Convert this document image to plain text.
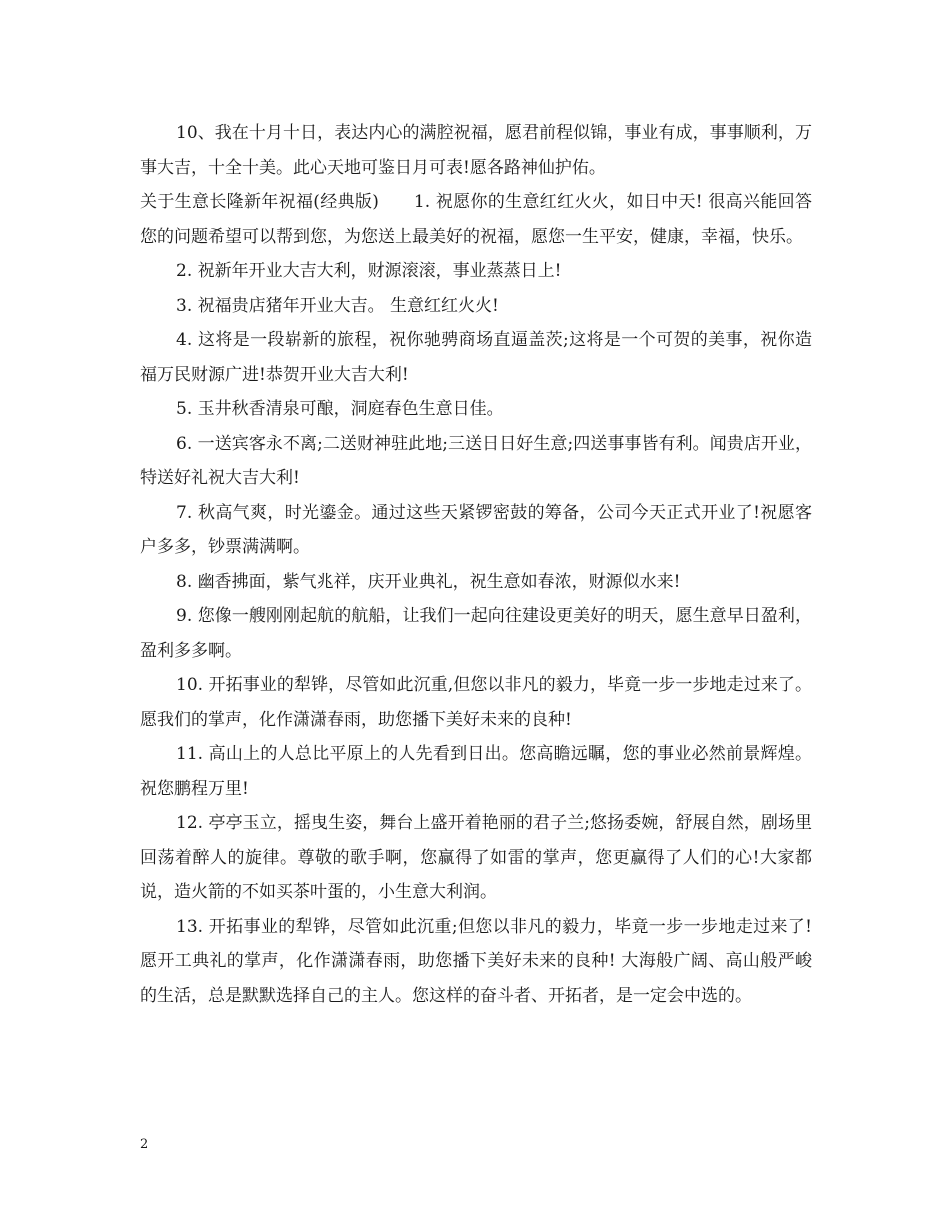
10、我在十月十日，表达内心的满腔祝福，愿君前程似锦，事业有成，事事顺利，万事大吉，十全十美。此心天地可鉴日月可表!愿各路神仙护佑。

关于生意长隆新年祝福(经典版)　　1. 祝愿你的生意红红火火，如日中天! 很高兴能回答您的问题希望可以帮到您，为您送上最美好的祝福，愿您一生平安，健康，幸福，快乐。

2. 祝新年开业大吉大利，财源滚滚，事业蒸蒸日上!

3. 祝福贵店猪年开业大吉。 生意红红火火!

4. 这将是一段崭新的旅程，祝你驰骋商场直逼盖茨;这将是一个可贺的美事，祝你造福万民财源广进!恭贺开业大吉大利!

5. 玉井秋香清泉可酿，洞庭春色生意日佳。

6. 一送宾客永不离;二送财神驻此地;三送日日好生意;四送事事皆有利。闻贵店开业，特送好礼祝大吉大利!

7. 秋高气爽，时光鎏金。通过这些天紧锣密鼓的筹备，公司今天正式开业了!祝愿客户多多，钞票满满啊。

8. 幽香拂面，紫气兆祥，庆开业典礼，祝生意如春浓，财源似水来!

9. 您像一艘刚刚起航的航船，让我们一起向往建设更美好的明天，愿生意早日盈利，盈利多多啊。

10. 开拓事业的犁铧，尽管如此沉重,但您以非凡的毅力，毕竟一步一步地走过来了。愿我们的掌声，化作潇潇春雨，助您播下美好未来的良种!

11. 高山上的人总比平原上的人先看到日出。您高瞻远瞩，您的事业必然前景辉煌。祝您鹏程万里!

12. 亭亭玉立，摇曳生姿，舞台上盛开着艳丽的君子兰;悠扬委婉，舒展自然，剧场里回荡着醉人的旋律。尊敬的歌手啊，您赢得了如雷的掌声，您更赢得了人们的心!大家都说，造火箭的不如买茶叶蛋的，小生意大利润。

13. 开拓事业的犁铧，尽管如此沉重;但您以非凡的毅力，毕竟一步一步地走过来了!愿开工典礼的掌声，化作潇潇春雨，助您播下美好未来的良种! 大海般广阔、高山般严峻的生活，总是默默选择自己的主人。您这样的奋斗者、开拓者，是一定会中选的。

2
